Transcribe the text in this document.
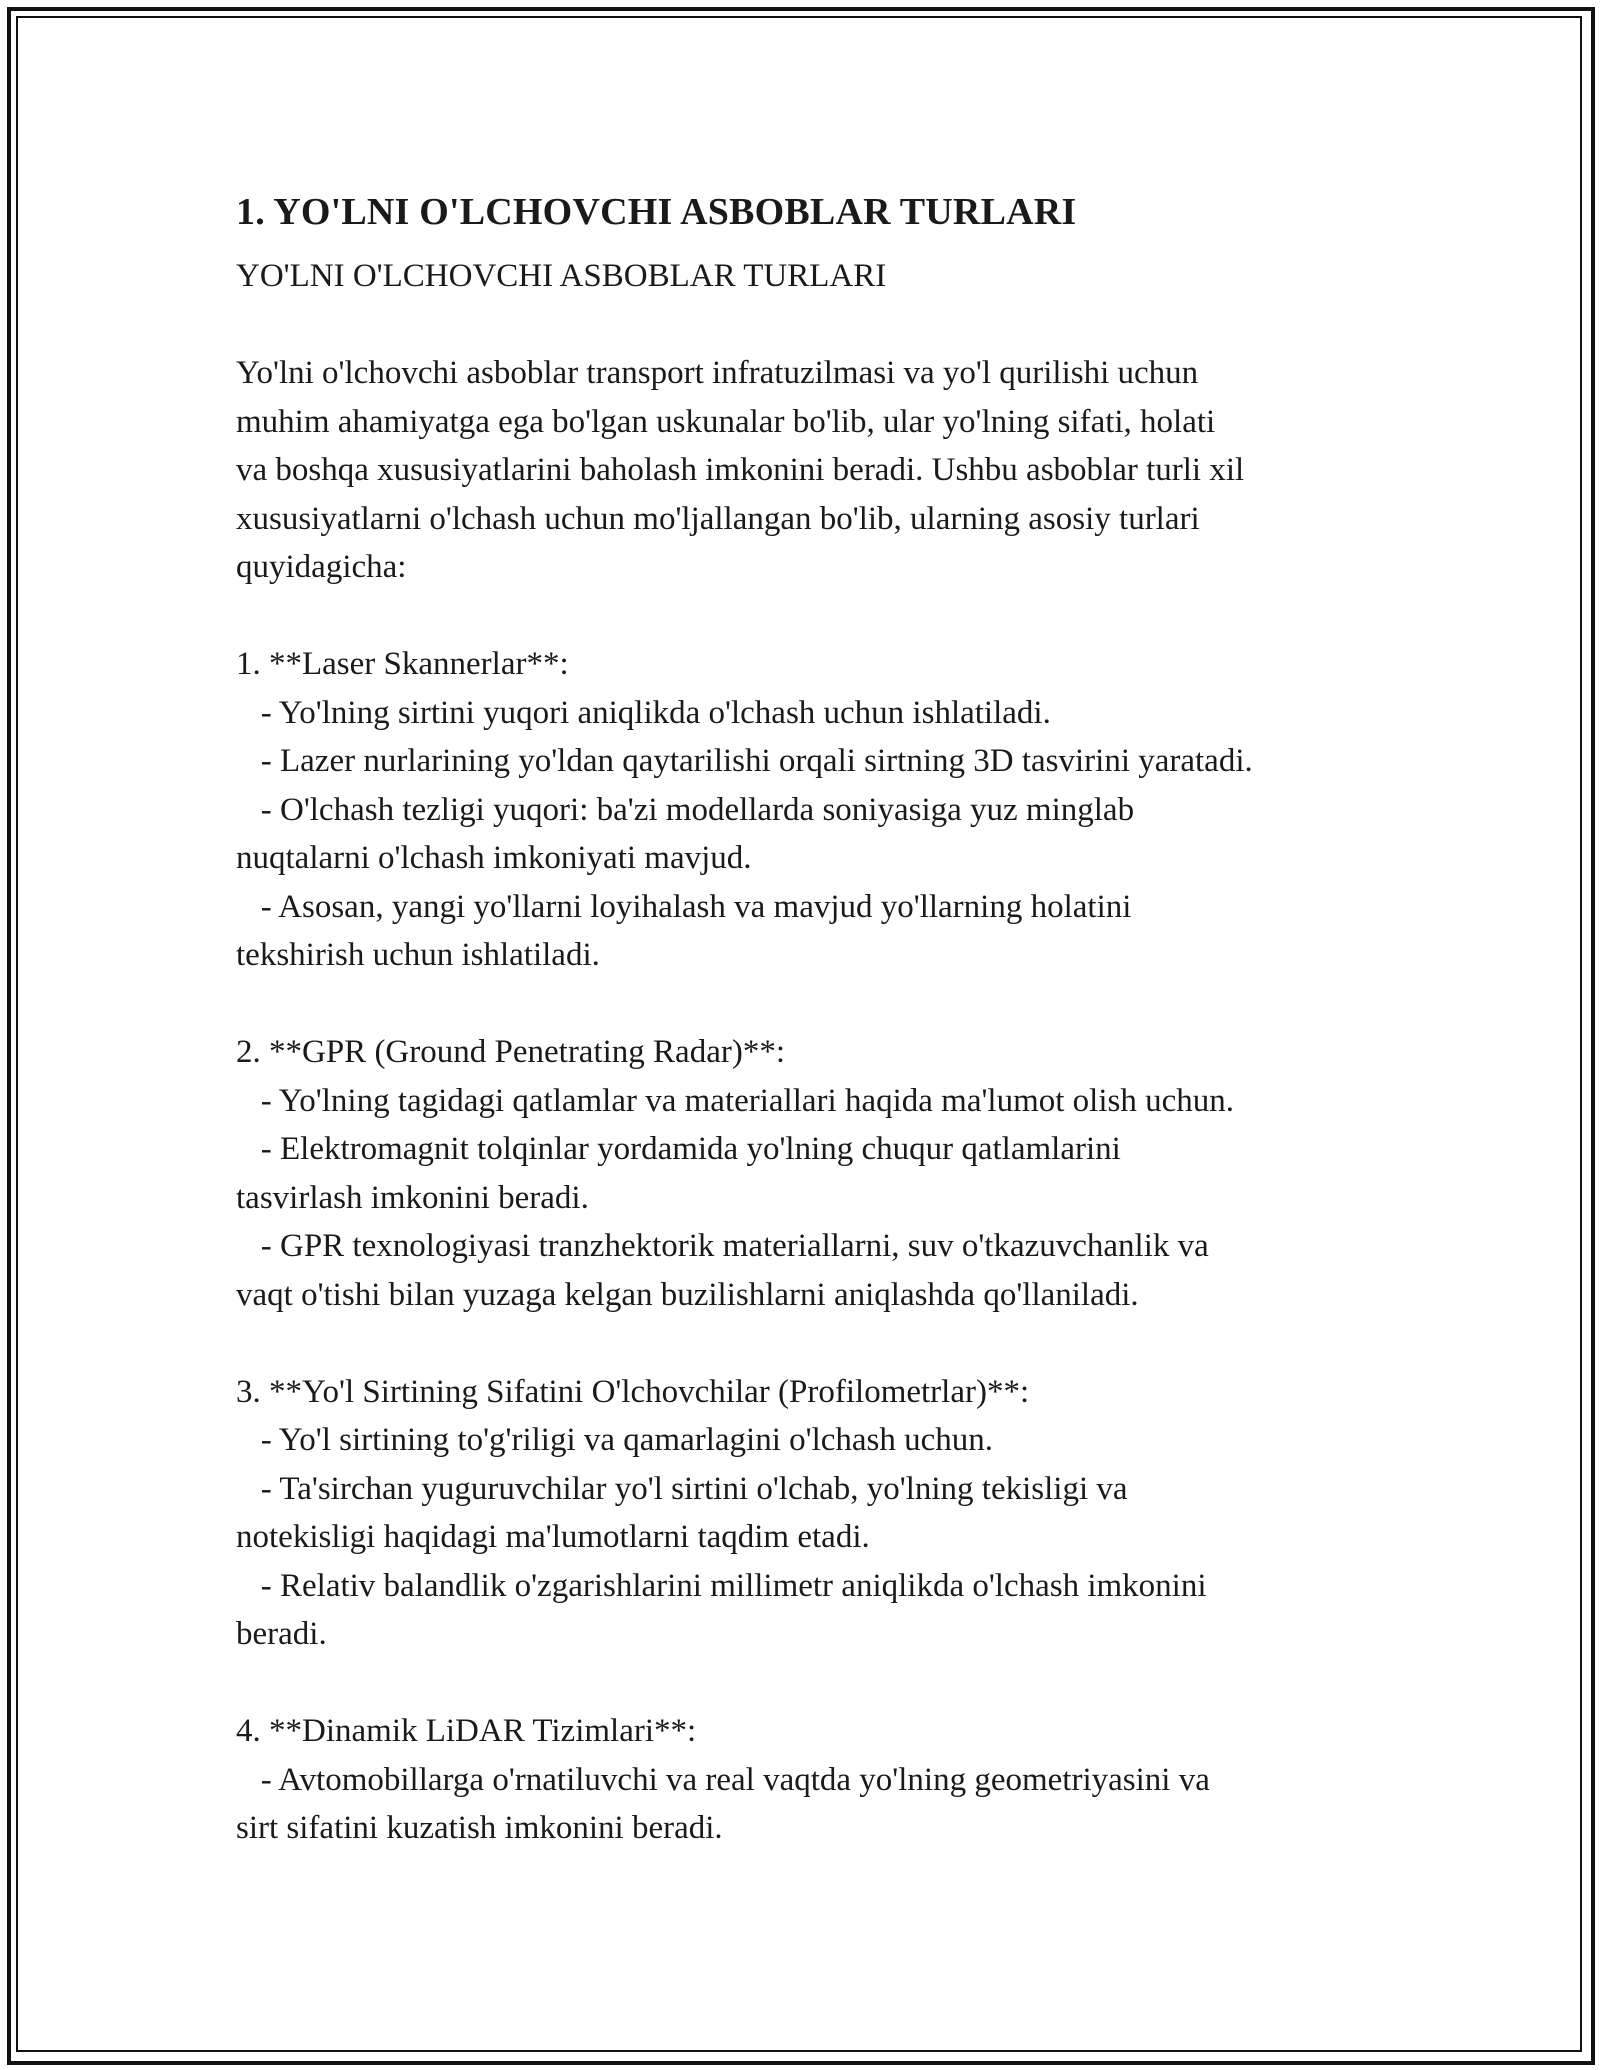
1. YO'LNI O'LCHOVCHI ASBOBLAR TURLARI
YO'LNI O'LCHOVCHI ASBOBLAR TURLARI
Yo'lni o'lchovchi asboblar transport infratuzilmasi va yo'l qurilishi uchun
muhim ahamiyatga ega bo'lgan uskunalar bo'lib, ular yo'lning sifati, holati
va boshqa xususiyatlarini baholash imkonini beradi. Ushbu asboblar turli xil
xususiyatlarni o'lchash uchun mo'ljallangan bo'lib, ularning asosiy turlari
quyidagicha:
1. **Laser Skannerlar**:
- Yo'lning sirtini yuqori aniqlikda o'lchash uchun ishlatiladi.
- Lazer nurlarining yo'ldan qaytarilishi orqali sirtning 3D tasvirini yaratadi.
- O'lchash tezligi yuqori: ba'zi modellarda soniyasiga yuz minglab
nuqtalarni o'lchash imkoniyati mavjud.
- Asosan, yangi yo'llarni loyihalash va mavjud yo'llarning holatini
tekshirish uchun ishlatiladi.
2. **GPR (Ground Penetrating Radar)**:
- Yo'lning tagidagi qatlamlar va materiallari haqida ma'lumot olish uchun.
- Elektromagnit tolqinlar yordamida yo'lning chuqur qatlamlarini
tasvirlash imkonini beradi.
- GPR texnologiyasi tranzhektorik materiallarni, suv o'tkazuvchanlik va
vaqt o'tishi bilan yuzaga kelgan buzilishlarni aniqlashda qo'llaniladi.
3. **Yo'l Sirtining Sifatini O'lchovchilar (Profilometrlar)**:
- Yo'l sirtining to'g'riligi va qamarlagini o'lchash uchun.
- Ta'sirchan yuguruvchilar yo'l sirtini o'lchab, yo'lning tekisligi va
notekisligi haqidagi ma'lumotlarni taqdim etadi.
- Relativ balandlik o'zgarishlarini millimetr aniqlikda o'lchash imkonini
beradi.
4. **Dinamik LiDAR Tizimlari**:
- Avtomobillarga o'rnatiluvchi va real vaqtda yo'lning geometriyasini va
sirt sifatini kuzatish imkonini beradi.
